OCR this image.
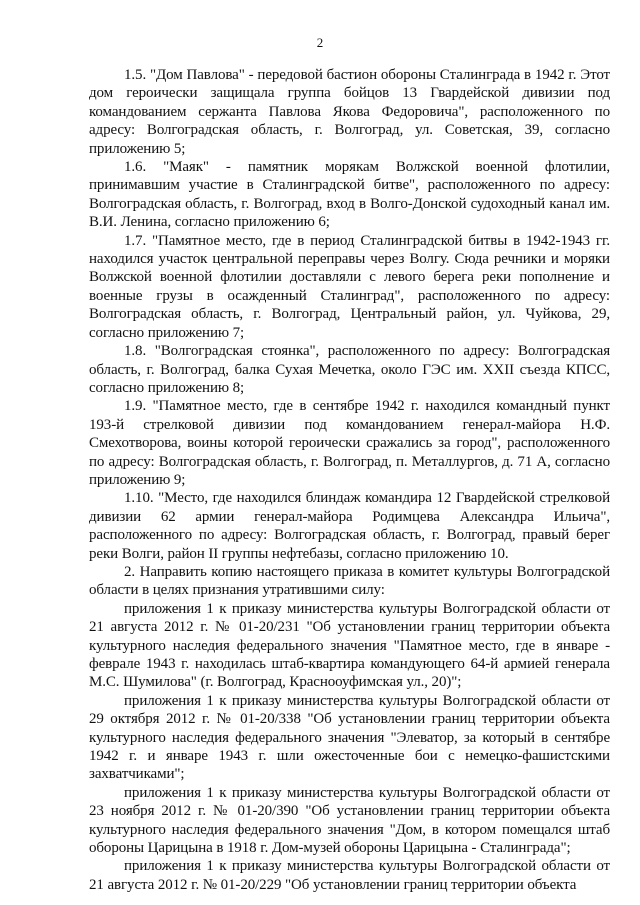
2

1.5. "Дом Павлова" - передовой бастион обороны Сталинграда в 1942 г. Этот дом героически защищала группа бойцов 13 Гвардейской дивизии под командованием сержанта Павлова Якова Федоровича", расположенного по адресу: Волгоградская область, г. Волгоград, ул. Советская, 39, согласно приложению 5;

1.6. "Маяк" - памятник морякам Волжской военной флотилии, принимавшим участие в Сталинградской битве", расположенного по адресу: Волгоградская область, г. Волгоград, вход в Волго-Донской судоходный канал им. В.И. Ленина, согласно приложению 6;

1.7. "Памятное место, где в период Сталинградской битвы в 1942-1943 гг. находился участок центральной переправы через Волгу. Сюда речники и моряки Волжской военной флотилии доставляли с левого берега реки пополнение и военные грузы в осажденный Сталинград", расположенного по адресу: Волгоградская область, г. Волгоград, Центральный район, ул. Чуйкова, 29, согласно приложению 7;

1.8. "Волгоградская стоянка", расположенного по адресу: Волгоградская область, г. Волгоград, балка Сухая Мечетка, около ГЭС им. XXII съезда КПСС, согласно приложению 8;

1.9. "Памятное место, где в сентябре 1942 г. находился командный пункт 193-й стрелковой дивизии под командованием генерал-майора Н.Ф. Смехотворова, воины которой героически сражались за город", расположенного по адресу: Волгоградская область, г. Волгоград, п. Металлургов, д. 71 А, согласно приложению 9;

1.10. "Место, где находился блиндаж командира 12 Гвардейской стрелковой дивизии 62 армии генерал-майора Родимцева Александра Ильича", расположенного по адресу: Волгоградская область, г. Волгоград, правый берег реки Волги, район II группы нефтебазы, согласно приложению 10.

2. Направить копию настоящего приказа в комитет культуры Волгоградской области в целях признания утратившими силу:

приложения 1 к приказу министерства культуры Волгоградской области от 21 августа 2012 г. № 01-20/231 "Об установлении границ территории объекта культурного наследия федерального значения "Памятное место, где в январе - феврале 1943 г. находилась штаб-квартира командующего 64-й армией генерала М.С. Шумилова" (г. Волгоград, Краснооуфимская ул., 20)";

приложения 1 к приказу министерства культуры Волгоградской области от 29 октября 2012 г. № 01-20/338 "Об установлении границ территории объекта культурного наследия федерального значения "Элеватор, за который в сентябре 1942 г. и январе 1943 г. шли ожесточенные бои с немецко-фашистскими захватчиками";

приложения 1 к приказу министерства культуры Волгоградской области от 23 ноября 2012 г. № 01-20/390 "Об установлении границ территории объекта культурного наследия федерального значения "Дом, в котором помещался штаб обороны Царицына в 1918 г. Дом-музей обороны Царицына - Сталинграда";

приложения 1 к приказу министерства культуры Волгоградской области от 21 августа 2012 г. № 01-20/229 "Об установлении границ территории объекта
